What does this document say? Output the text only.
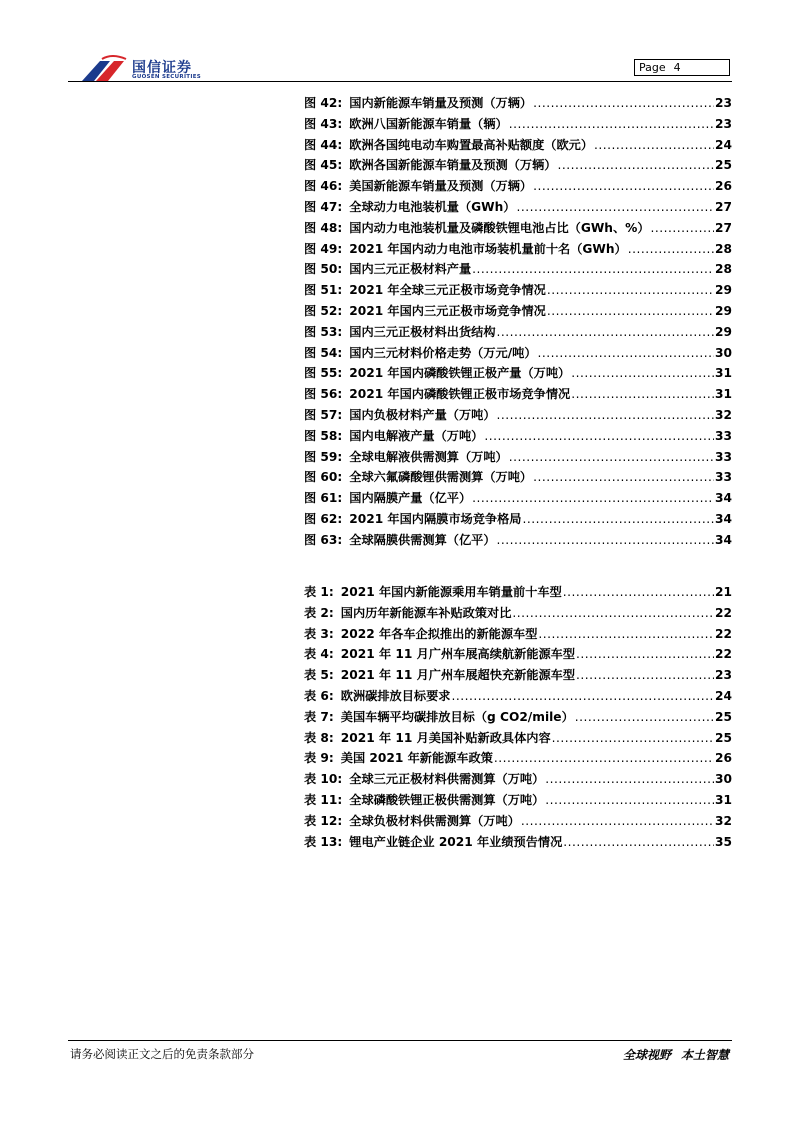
国信证券
GUOSEN SECURITIES
Page 4
图 42: 国内新能源车销量及预测（万辆） .....	23
图 43: 欧洲八国新能源车销量（辆） .....	23
图 44: 欧洲各国纯电动车购置最高补贴额度（欧元） .....	24
图 45: 欧洲各国新能源车销量及预测（万辆） .....	25
图 46: 美国新能源车销量及预测（万辆） .....	26
图 47: 全球动力电池装机量（GWh） .....	27
图 48: 国内动力电池装机量及磷酸铁锂电池占比（GWh、%） .....	27
图 49: 2021 年国内动力电池市场装机量前十名（GWh） .....	28
图 50: 国内三元正极材料产量 .....	28
图 51: 2021 年全球三元正极市场竞争情况 .....	29
图 52: 2021 年国内三元正极市场竞争情况 .....	29
图 53: 国内三元正极材料出货结构 .....	29
图 54: 国内三元材料价格走势（万元/吨） .....	30
图 55: 2021 年国内磷酸铁锂正极产量（万吨） .....	31
图 56: 2021 年国内磷酸铁锂正极市场竞争情况 .....	31
图 57: 国内负极材料产量（万吨） .....	32
图 58: 国内电解液产量（万吨） .....	33
图 59: 全球电解液供需测算（万吨） .....	33
图 60: 全球六氟磷酸锂供需测算（万吨） .....	33
图 61: 国内隔膜产量（亿平） .....	34
图 62: 2021 年国内隔膜市场竞争格局 .....	34
图 63: 全球隔膜供需测算（亿平） .....	34
表 1: 2021 年国内新能源乘用车销量前十车型 .....	21
表 2: 国内历年新能源车补贴政策对比 .....	22
表 3: 2022 年各车企拟推出的新能源车型 .....	22
表 4: 2021 年 11 月广州车展高续航新能源车型 .....	22
表 5: 2021 年 11 月广州车展超快充新能源车型 .....	23
表 6: 欧洲碳排放目标要求 .....	24
表 7: 美国车辆平均碳排放目标（g CO2/mile） .....	25
表 8: 2021 年 11 月美国补贴新政具体内容 .....	25
表 9: 美国 2021 年新能源车政策 .....	26
表 10: 全球三元正极材料供需测算（万吨） .....	30
表 11: 全球磷酸铁锂正极供需测算（万吨） .....	31
表 12: 全球负极材料供需测算（万吨） .....	32
表 13: 锂电产业链企业 2021 年业绩预告情况 .....	35
请务必阅读正文之后的免责条款部分	全球视野 本土智慧
